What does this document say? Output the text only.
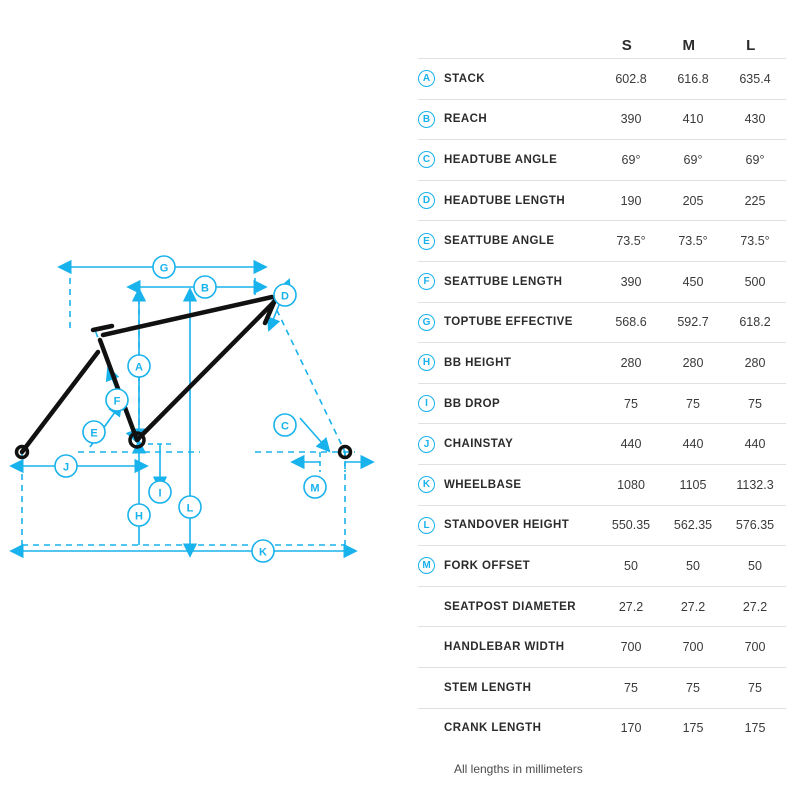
G
B
D
A
F
E
C
M
J
I
H
L
K
S	M	L
A	STACK	602.8	616.8	635.4
B	REACH	390	410	430
C	HEADTUBE ANGLE	69°	69°	69°
D	HEADTUBE LENGTH	190	205	225
E	SEATTUBE ANGLE	73.5°	73.5°	73.5°
F	SEATTUBE LENGTH	390	450	500
G	TOPTUBE EFFECTIVE	568.6	592.7	618.2
H	BB HEIGHT	280	280	280
I	BB DROP	75	75	75
J	CHAINSTAY	440	440	440
K	WHEELBASE	1080	1105	1132.3
L	STANDOVER HEIGHT	550.35	562.35	576.35
M	FORK OFFSET	50	50	50
SEATPOST DIAMETER	27.2	27.2	27.2
HANDLEBAR WIDTH	700	700	700
STEM LENGTH	75	75	75
CRANK LENGTH	170	175	175
All lengths in millimeters
